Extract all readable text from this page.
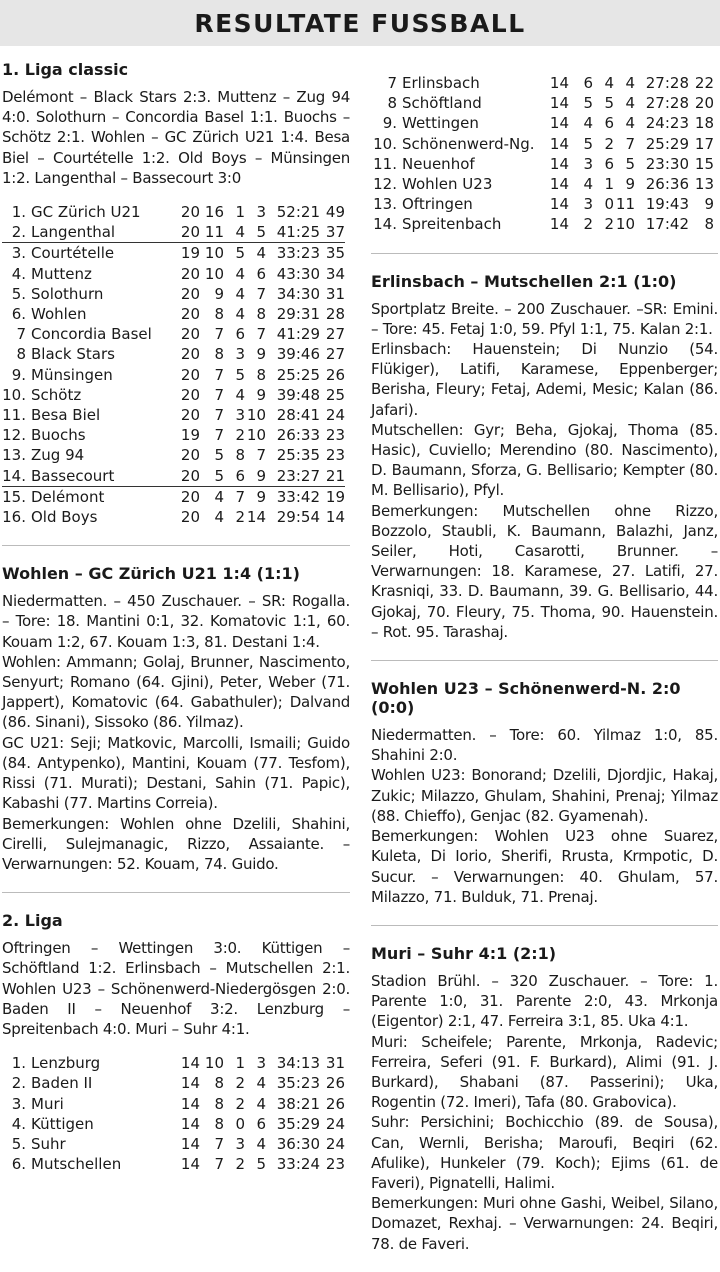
RESULTATE FUSSBALL
1. Liga classic

Delémont – Black Stars 2:3. Muttenz – Zug 94 4:0. Solothurn – Concordia Basel 1:1. Buochs – Schötz 2:1. Wohlen – GC Zürich U21 1:4. Besa Biel – Courtételle 1:2. Old Boys – Münsingen 1:2. Langenthal – Bassecourt 3:0

1.	GC Zürich U21	20	16	1	3	52:21	49
2.	Langenthal	20	11	4	5	41:25	37
3.	Courtételle	19	10	5	4	33:23	35
4.	Muttenz	20	10	4	6	43:30	34
5.	Solothurn	20	9	4	7	34:30	31
6.	Wohlen	20	8	4	8	29:31	28
7	Concordia Basel	20	7	6	7	41:29	27
8	Black Stars	20	8	3	9	39:46	27
9.	Münsingen	20	7	5	8	25:25	26
10.	Schötz	20	7	4	9	39:48	25
11.	Besa Biel	20	7	3	10	28:41	24
12.	Buochs	19	7	2	10	26:33	23
13.	Zug 94	20	5	8	7	25:35	23
14.	Bassecourt	20	5	6	9	23:27	21
15.	Delémont	20	4	7	9	33:42	19
16.	Old Boys	20	4	2	14	29:54	14
Wohlen – GC Zürich U21 1:4 (1:1)

Niedermatten. – 450 Zuschauer. – SR: Rogalla. – Tore: 18. Mantini 0:1, 32. Komatovic 1:1, 60. Kouam 1:2, 67. Kouam 1:3, 81. Destani 1:4.

Wohlen: Ammann; Golaj, Brunner, Nascimento, Senyurt; Romano (64. Gjini), Peter, Weber (71. Jappert), Komatovic (64. Gabathuler); Dalvand (86. Sinani), Sissoko (86. Yilmaz).

GC U21: Seji; Matkovic, Marcolli, Ismaili; Guido (84. Antypenko), Mantini, Kouam (77. Tesfom), Rissi (71. Murati); Destani, Sahin (71. Papic), Kabashi (77. Martins Correia).

Bemerkungen: Wohlen ohne Dzelili, Shahini, Cirelli, Sulejmanagic, Rizzo, Assaiante. – Verwarnungen: 52. Kouam, 74. Guido.

2. Liga

Oftringen – Wettingen 3:0. Küttigen – Schöftland 1:2. Erlinsbach – Mutschellen 2:1. Wohlen U23 – Schönenwerd-Niedergösgen 2:0. Baden II – Neuenhof 3:2. Lenzburg – Spreitenbach 4:0. Muri – Suhr 4:1.

1.	Lenzburg	14	10	1	3	34:13	31
2.	Baden II	14	8	2	4	35:23	26
3.	Muri	14	8	2	4	38:21	26
4.	Küttigen	14	8	0	6	35:29	24
5.	Suhr	14	7	3	4	36:30	24
6.	Mutschellen	14	7	2	5	33:24	23
7	Erlinsbach	14	6	4	4	27:28	22
8	Schöftland	14	5	5	4	27:28	20
9.	Wettingen	14	4	6	4	24:23	18
10.	Schönenwerd-Ng.	14	5	2	7	25:29	17
11.	Neuenhof	14	3	6	5	23:30	15
12.	Wohlen U23	14	4	1	9	26:36	13
13.	Oftringen	14	3	0	11	19:43	9
14.	Spreitenbach	14	2	2	10	17:42	8
Erlinsbach – Mutschellen 2:1 (1:0)

Sportplatz Breite. – 200 Zuschauer. –SR: Emini. – Tore: 45. Fetaj 1:0, 59. Pfyl 1:1, 75. Kalan 2:1.

Erlinsbach: Hauenstein; Di Nunzio (54. Flükiger), Latifi, Karamese, Eppenberger; Berisha, Fleury; Fetaj, Ademi, Mesic; Kalan (86. Jafari).

Mutschellen: Gyr; Beha, Gjokaj, Thoma (85. Hasic), Cuviello; Merendino (80. Nascimento), D. Baumann, Sforza, G. Bellisario; Kempter (80. M. Bellisario), Pfyl.

Bemerkungen: Mutschellen ohne Rizzo, Bozzolo, Staubli, K. Baumann, Balazhi, Janz, Seiler, Hoti, Casarotti, Brunner. – Verwarnungen: 18. Karamese, 27. Latifi, 27. Krasniqi, 33. D. Baumann, 39. G. Bellisario, 44. Gjokaj, 70. Fleury, 75. Thoma, 90. Hauenstein. – Rot. 95. Tarashaj.

Wohlen U23 – Schönenwerd-N. 2:0 (0:0)

Niedermatten. – Tore: 60. Yilmaz 1:0, 85. Shahini 2:0.

Wohlen U23: Bonorand; Dzelili, Djordjic, Hakaj, Zukic; Milazzo, Ghulam, Shahini, Prenaj; Yilmaz (88. Chieffo), Genjac (82. Gyamenah).

Bemerkungen: Wohlen U23 ohne Suarez, Kuleta, Di Iorio, Sherifi, Rrusta, Krmpotic, D. Sucur. – Verwarnungen: 40. Ghulam, 57. Milazzo, 71. Bulduk, 71. Prenaj.

Muri – Suhr 4:1 (2:1)

Stadion Brühl. – 320 Zuschauer. – Tore: 1. Parente 1:0, 31. Parente 2:0, 43. Mrkonja (Eigentor) 2:1, 47. Ferreira 3:1, 85. Uka 4:1.

Muri: Scheifele; Parente, Mrkonja, Radevic; Ferreira, Seferi (91. F. Burkard), Alimi (91. J. Burkard), Shabani (87. Passerini); Uka, Rogentin (72. Imeri), Tafa (80. Grabovica).

Suhr: Persichini; Bochicchio (89. de Sousa), Can, Wernli, Berisha; Maroufi, Beqiri (62. Afulike), Hunkeler (79. Koch); Ejims (61. de Faveri), Pignatelli, Halimi.

Bemerkungen: Muri ohne Gashi, Weibel, Silano, Domazet, Rexhaj. – Verwarnungen: 24. Beqiri, 78. de Faveri.
